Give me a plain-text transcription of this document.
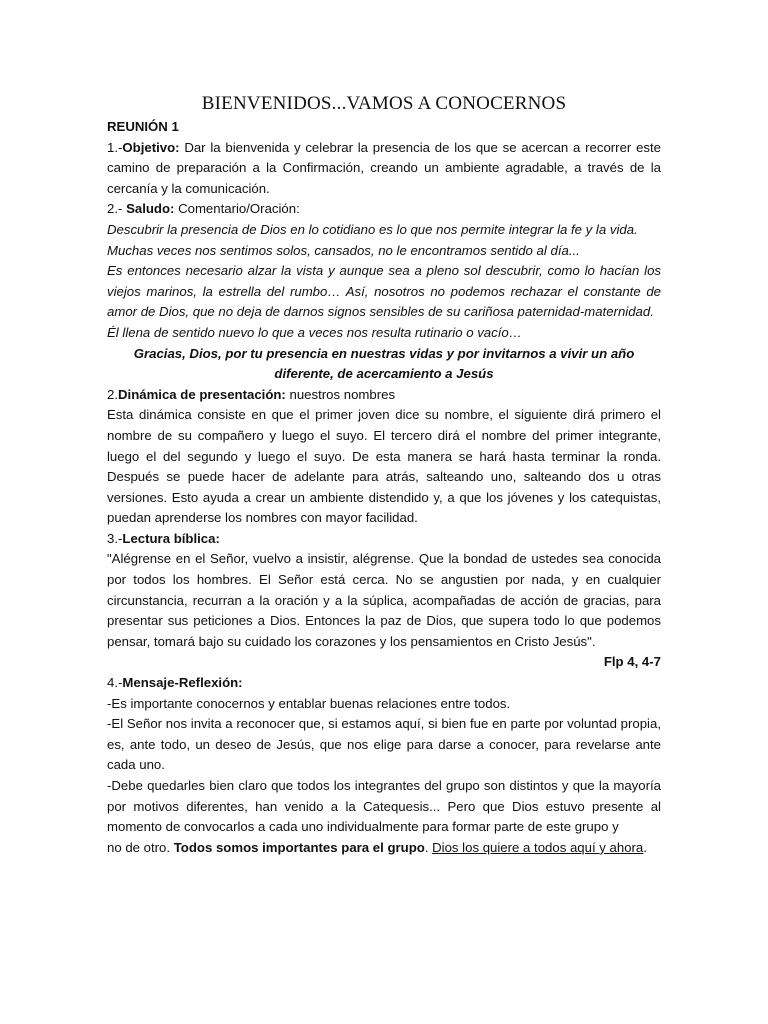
BIENVENIDOS...VAMOS A CONOCERNOS

REUNIÓN 1

1.-Objetivo: Dar la bienvenida y celebrar la presencia de los que se acercan a recorrer este camino de preparación a la Confirmación, creando un ambiente agradable, a través de la cercanía y la comunicación.

2.- Saludo: Comentario/Oración:

Descubrir la presencia de Dios en lo cotidiano es lo que nos permite integrar la fe y la vida.

Muchas veces nos sentimos solos, cansados, no le encontramos sentido al día...

Es entonces necesario alzar la vista y aunque sea a pleno sol descubrir, como lo hacían los viejos marinos, la estrella del rumbo… Así, nosotros no podemos rechazar el constante de amor de Dios, que no deja de darnos signos sensibles de su cariñosa paternidad-maternidad.

Él llena de sentido nuevo lo que a veces nos resulta rutinario o vacío…

Gracias, Dios, por tu presencia en nuestras vidas y por invitarnos a vivir un año

diferente, de acercamiento a Jesús

2.Dinámica de presentación: nuestros nombres

Esta dinámica consiste en que el primer joven dice su nombre, el siguiente dirá primero el nombre de su compañero y luego el suyo. El tercero dirá el nombre del primer integrante, luego el del segundo y luego el suyo. De esta manera se hará hasta terminar la ronda. Después se puede hacer de adelante para atrás, salteando uno, salteando dos u otras versiones. Esto ayuda a crear un ambiente distendido y, a que los jóvenes y los catequistas, puedan aprenderse los nombres con mayor facilidad.

3.-Lectura bíblica:

"Alégrense en el Señor, vuelvo a insistir, alégrense. Que la bondad de ustedes sea conocida por todos los hombres. El Señor está cerca. No se angustien por nada, y en cualquier circunstancia, recurran a la oración y a la súplica, acompañadas de acción de gracias, para presentar sus peticiones a Dios. Entonces la paz de Dios, que supera todo lo que podemos pensar, tomará bajo su cuidado los corazones y los pensamientos en Cristo Jesús".

Flp 4, 4-7

4.-Mensaje-Reflexión:

-Es importante conocernos y entablar buenas relaciones entre todos.

-El Señor nos invita a reconocer que, si estamos aquí, si bien fue en parte por voluntad propia, es, ante todo, un deseo de Jesús, que nos elige para darse a conocer, para revelarse ante cada uno.

-Debe quedarles bien claro que todos los integrantes del grupo son distintos y que la mayoría por motivos diferentes, han venido a la Catequesis... Pero que Dios estuvo presente al momento de convocarlos a cada uno individualmente para formar parte de este grupo y

no de otro. Todos somos importantes para el grupo. Dios los quiere a todos aquí y ahora.
